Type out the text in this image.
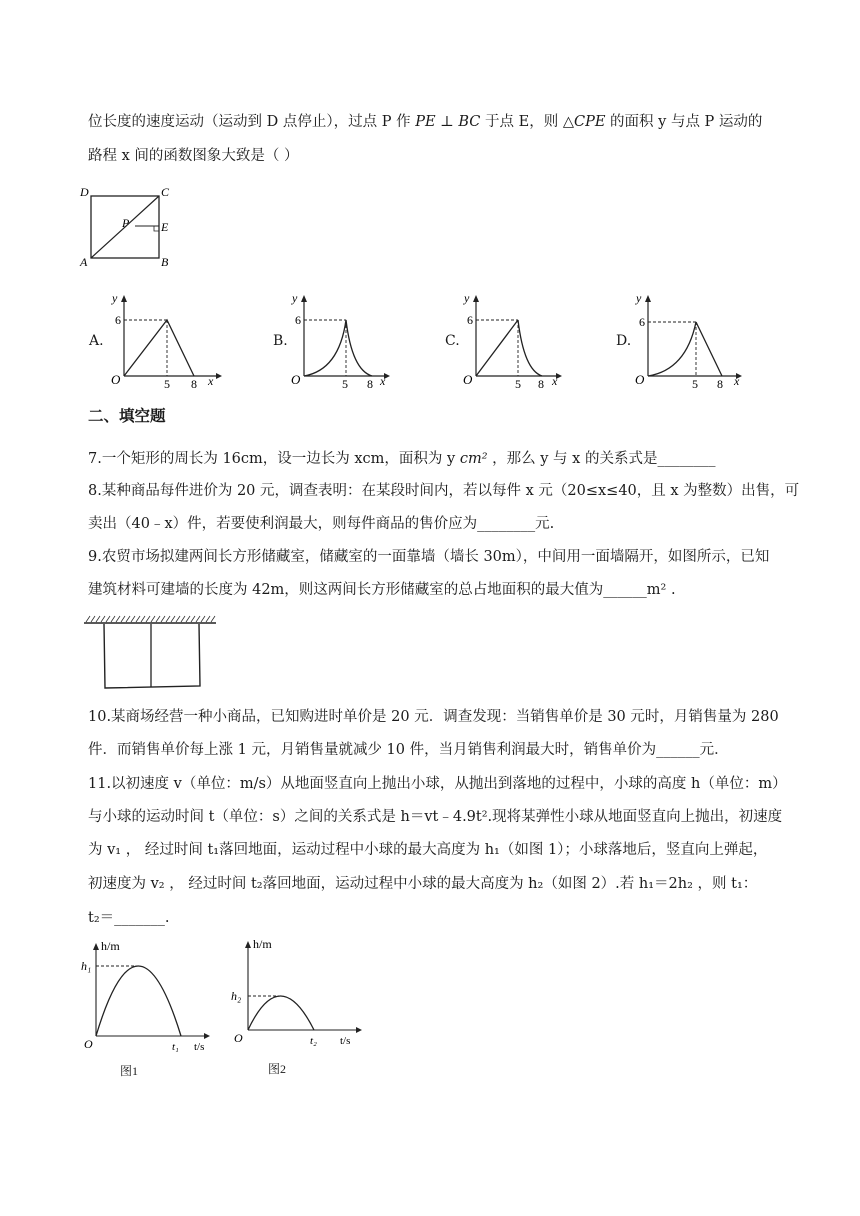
位长度的速度运动（运动到 D 点停止），过点 P 作 PE ⊥ BC 于点 E，则 △CPE 的面积 y 与点 P 运动的
路程 x 间的函数图象大致是（ ）
D	C
P	E
A	B
A.	B.	C.	D.
y
6
O	5 8 x
y
6
O	5 8 x
y
6
O	5 8 x
y
6
O	5 8 x
二、填空题
7.一个矩形的周长为 16cm，设一边长为 xcm，面积为 y cm² ，那么 y 与 x 的关系式是________
8.某种商品每件进价为 20 元，调查表明：在某段时间内，若以每件 x 元（20≤x≤40，且 x 为整数）出售，可
卖出（40﹣x）件，若要使利润最大，则每件商品的售价应为________元.
9.农贸市场拟建两间长方形储藏室，储藏室的一面靠墙（墙长 30m），中间用一面墙隔开，如图所示，已知
建筑材料可建墙的长度为 42m，则这两间长方形储藏室的总占地面积的最大值为______m² .
10.某商场经营一种小商品，已知购进时单价是 20 元．调查发现：当销售单价是 30 元时，月销售量为 280
件．而销售单价每上涨 1 元，月销售量就减少 10 件，当月销售利润最大时，销售单价为______元．
11.以初速度 v（单位：m/s）从地面竖直向上抛出小球，从抛出到落地的过程中，小球的高度 h（单位：m）
与小球的运动时间 t（单位：s）之间的关系式是 h＝vt﹣4.9t².现将某弹性小球从地面竖直向上抛出，初速度
为 v₁ ， 经过时间 t₁落回地面，运动过程中小球的最大高度为 h₁（如图 1）；小球落地后，竖直向上弹起，
初速度为 v₂ ， 经过时间 t₂落回地面，运动过程中小球的最大高度为 h₂（如图 2）.若 h₁＝2h₂ ，则 t₁：
t₂＝_______.
h/m
h₁
O	t₁ t/s
图1
h/m
h₂
O	t₂ t/s
图2
